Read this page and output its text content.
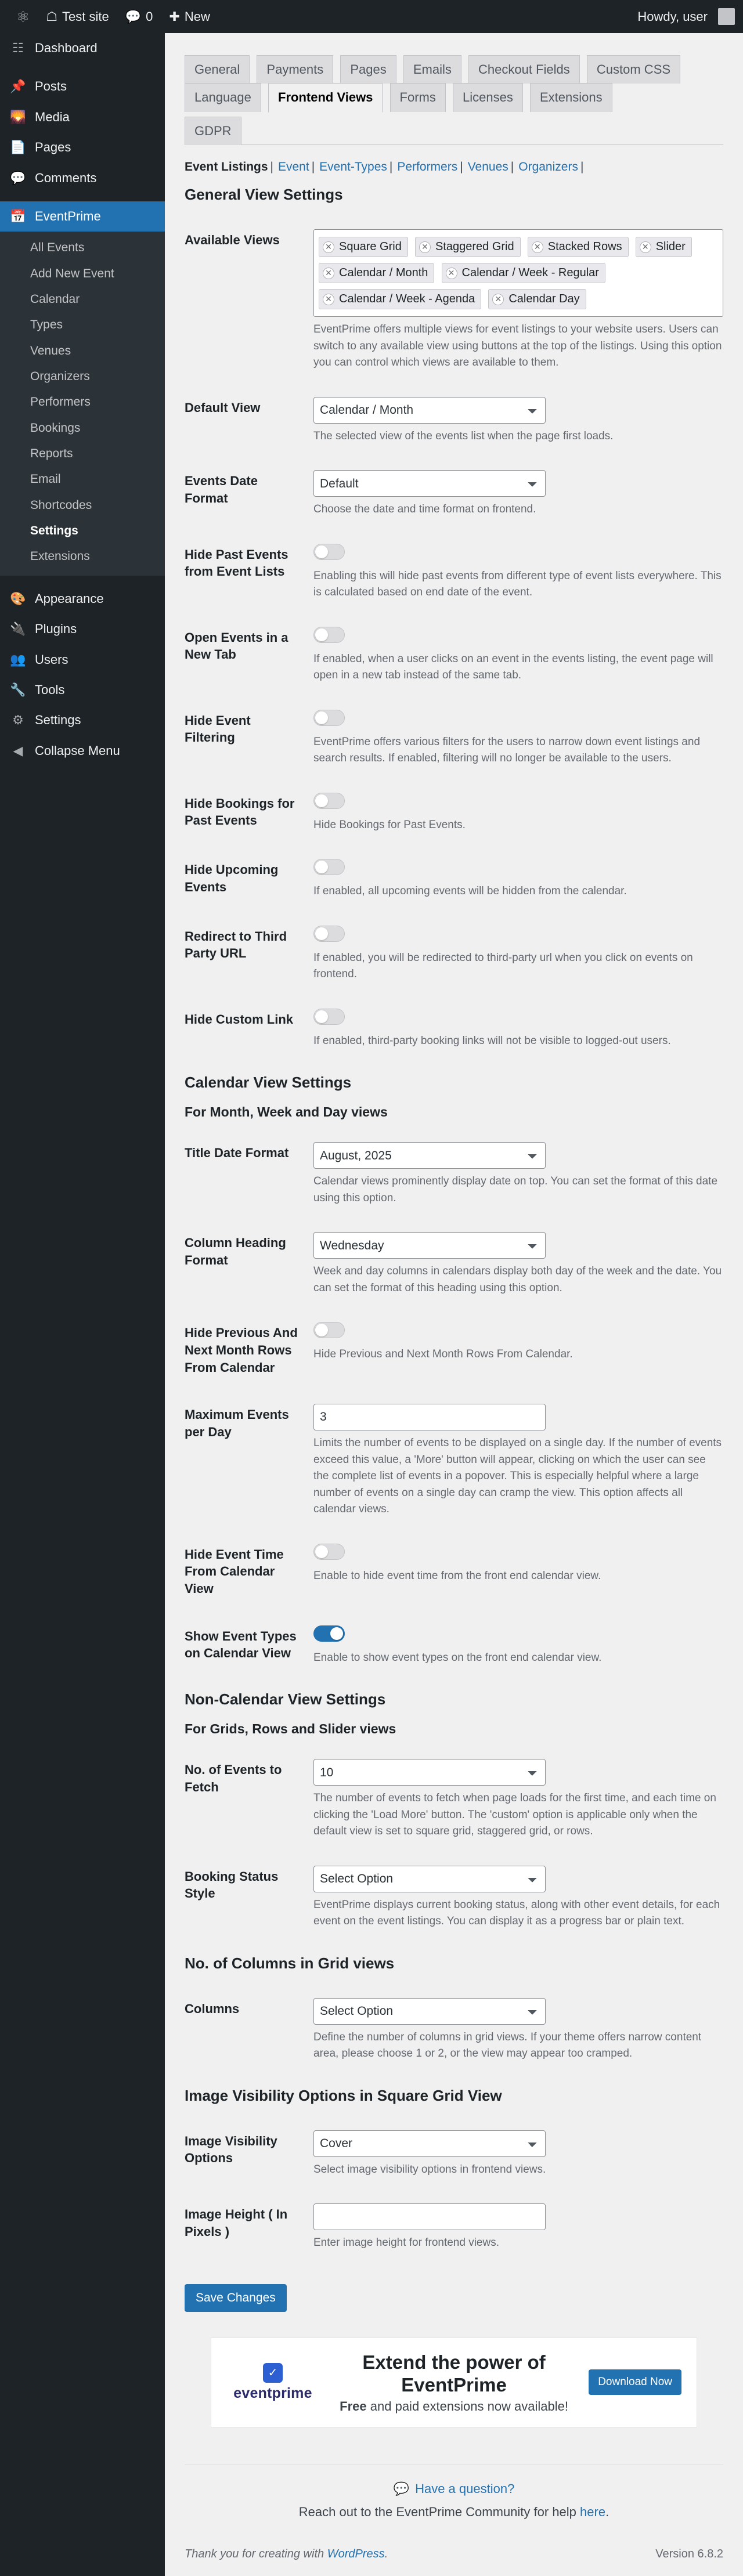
⚛ ☖ Test site 💬 0 ✚ New	Howdy, user
☷ Dashboard
📌 Posts
🌄 Media
📄 Pages
💬 Comments
📅 EventPrime
All Events
Add New Event
Calendar
Types
Venues
Organizers
Performers
Bookings
Reports
Email
Shortcodes
Settings
Extensions
🎨 Appearance
🔌 Plugins
👥 Users
🔧 Tools
⚙ Settings
◀ Collapse Menu
General Payments Pages Emails Checkout Fields Custom CSS Language Frontend Views Forms Licenses Extensions
GDPR
Event Listings | Event | Event-Types | Performers | Venues | Organizers |
General View Settings
Available Views	✕ Square Grid
✕ Staggered Grid
✕ Stacked Rows
✕ Slider

✕ Calendar / Month
✕ Calendar / Week - Regular

✕ Calendar / Week - Agenda
✕ Calendar Day
EventPrime offers multiple views for event listings to your website users. Users can switch to any available view using buttons at the top of the listings. Using this option you can control which views are available to them.

Default View	
Calendar / Month
The selected view of the events list when the page first loads.

Events Date Format	
Default
Choose the date and time format on frontend.

Hide Past Events from Event Lists	Enabling this will hide past events from different type of event lists everywhere. This is calculated based on end date of the event.

Open Events in a New Tab	If enabled, when a user clicks on an event in the events listing, the event page will open in a new tab instead of the same tab.

Hide Event Filtering	EventPrime offers various filters for the users to narrow down event listings and search results. If enabled, filtering will no longer be available to the users.

Hide Bookings for Past Events	Hide Bookings for Past Events.

Hide Upcoming Events	If enabled, all upcoming events will be hidden from the calendar.

Redirect to Third Party URL	If enabled, you will be redirected to third-party url when you click on events on frontend.

Hide Custom Link	If enabled, third-party booking links will not be visible to logged-out users.
Calendar View Settings
For Month, Week and Day views
Title Date Format	
August, 2025
Calendar views prominently display date on top. You can set the format of this date using this option.

Column Heading Format	
Wednesday
Week and day columns in calendars display both day of the week and the date. You can set the format of this heading using this option.

Hide Previous And Next Month Rows From Calendar	Hide Previous and Next Month Rows From Calendar.

Maximum Events per Day	3
Limits the number of events to be displayed on a single day. If the number of events exceed this value, a 'More' button will appear, clicking on which the user can see the complete list of events in a popover. This is especially helpful where a large number of events on a single day can cramp the view. This option affects all calendar views.

Hide Event Time From Calendar View	Enable to hide event time from the front end calendar view.

Show Event Types on Calendar View	Enable to show event types on the front end calendar view.
Non-Calendar View Settings
For Grids, Rows and Slider views
No. of Events to Fetch	
10
The number of events to fetch when page loads for the first time, and each time on clicking the 'Load More' button. The 'custom' option is applicable only when the default view is set to square grid, staggered grid, or rows.

Booking Status Style	
Select Option
EventPrime displays current booking status, along with other event details, for each event on the event listings. You can display it as a progress bar or plain text.
No. of Columns in Grid views
Columns	
Select Option
Define the number of columns in grid views. If your theme offers narrow content area, please choose 1 or 2, or the view may appear too cramped.
Image Visibility Options in Square Grid View
Image Visibility Options	
Cover
Select image visibility options in frontend views.

Image Height ( In Pixels )	Enter image height for frontend views.
Save Changes
✓
eventprime
Extend the power of EventPrime
Free and paid extensions now available!
Download Now
💬 Have a question?
Reach out to the EventPrime Community for help here.
Thank you for creating with WordPress.	Version 6.8.2
